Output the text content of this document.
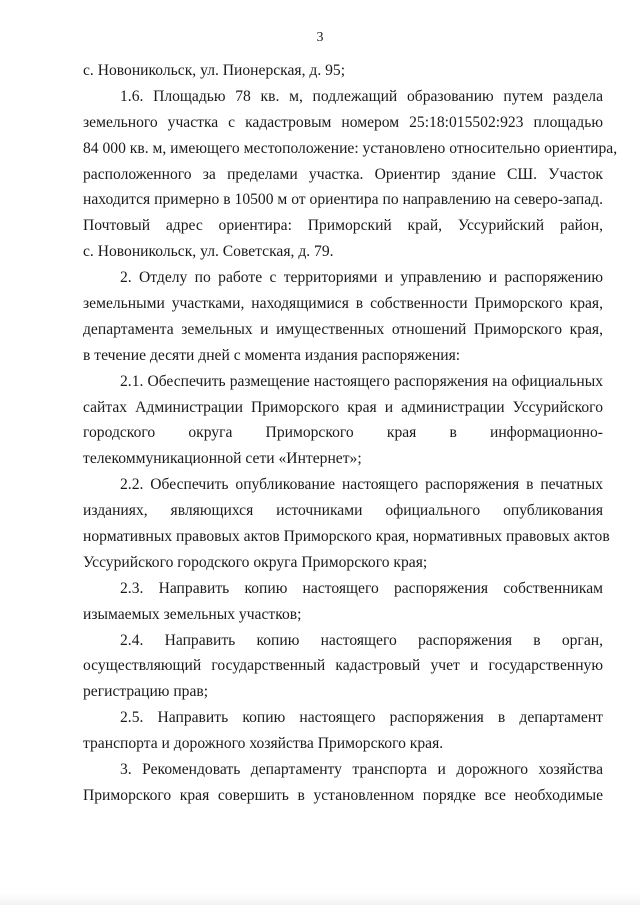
3
с. Новоникольск, ул. Пионерская, д. 95;
1.6. Площадью 78 кв. м, подлежащий образованию путем раздела
земельного участка с кадастровым номером 25:18:015502:923 площадью
84 000 кв. м, имеющего местоположение: установлено относительно ориентира,
расположенного за пределами участка. Ориентир здание СШ. Участок
находится примерно в 10500 м от ориентира по направлению на северо-запад.
Почтовый адрес ориентира: Приморский край, Уссурийский район,
с. Новоникольск, ул. Советская, д. 79.
2. Отделу по работе с территориями и управлению и распоряжению
земельными участками, находящимися в собственности Приморского края,
департамента земельных и имущественных отношений Приморского края,
в течение десяти дней с момента издания распоряжения:
2.1. Обеспечить размещение настоящего распоряжения на официальных
сайтах Администрации Приморского края и администрации Уссурийского
городского округа Приморского края в информационно-
телекоммуникационной сети «Интернет»;
2.2. Обеспечить опубликование настоящего распоряжения в печатных
изданиях, являющихся источниками официального опубликования
нормативных правовых актов Приморского края, нормативных правовых актов
Уссурийского городского округа Приморского края;
2.3. Направить копию настоящего распоряжения собственникам
изымаемых земельных участков;
2.4. Направить копию настоящего распоряжения в орган,
осуществляющий государственный кадастровый учет и государственную
регистрацию прав;
2.5. Направить копию настоящего распоряжения в департамент
транспорта и дорожного хозяйства Приморского края.
3. Рекомендовать департаменту транспорта и дорожного хозяйства
Приморского края совершить в установленном порядке все необходимые
